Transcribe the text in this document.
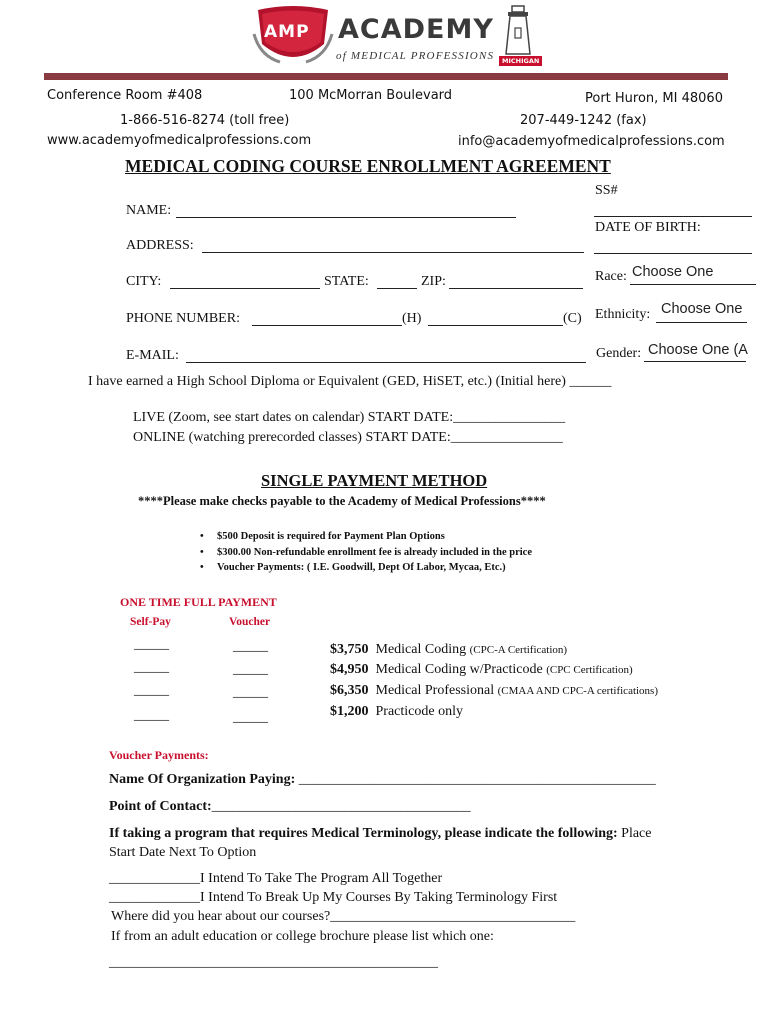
AMP ACADEMY
of MEDICAL PROFESSIONS	MICHIGAN
Conference Room #408	100 McMorran Boulevard	Port Huron, MI 48060
1-866-516-8274 (toll free)	207-449-1242 (fax)
www.academyofmedicalprofessions.com	info@academyofmedicalprofessions.com
MEDICAL CODING COURSE ENROLLMENT AGREEMENT
NAME:
ADDRESS:
CITY:	STATE:	ZIP:
PHONE NUMBER:	(H)	(C)
E-MAIL:
SS#
DATE OF BIRTH:
Race: Choose One
Ethnicity: Choose One
Gender: Choose One (A
I have earned a High School Diploma or Equivalent (GED, HiSET, etc.) (Initial here) ______
LIVE (Zoom, see start dates on calendar) START DATE:________________
ONLINE (watching prerecorded classes) START DATE:________________
SINGLE PAYMENT METHOD
****Please make checks payable to the Academy of Medical Professions****
• $500 Deposit is required for Payment Plan Options
• $300.00 Non-refundable enrollment fee is already included in the price
• Voucher Payments: ( I.E. Goodwill, Dept Of Labor, Mycaa, Etc.)
ONE TIME FULL PAYMENT
Self-Pay	Voucher
_____	_____	$3,750 Medical Coding (CPC-A Certification)
_____	_____	$4,950 Medical Coding w/Practicode (CPC Certification)
_____	_____	$6,350 Medical Professional (CMAA AND CPC-A certifications)
_____	_____	$1,200 Practicode only
Voucher Payments:
Name Of Organization Paying: ___________________________________________________
Point of Contact:_____________________________________
If taking a program that requires Medical Terminology, please indicate the following: Place
Start Date Next To Option
_____________I Intend To Take The Program All Together
_____________I Intend To Break Up My Courses By Taking Terminology First
Where did you hear about our courses?___________________________________
If from an adult education or college brochure please list which one:
_______________________________________________
